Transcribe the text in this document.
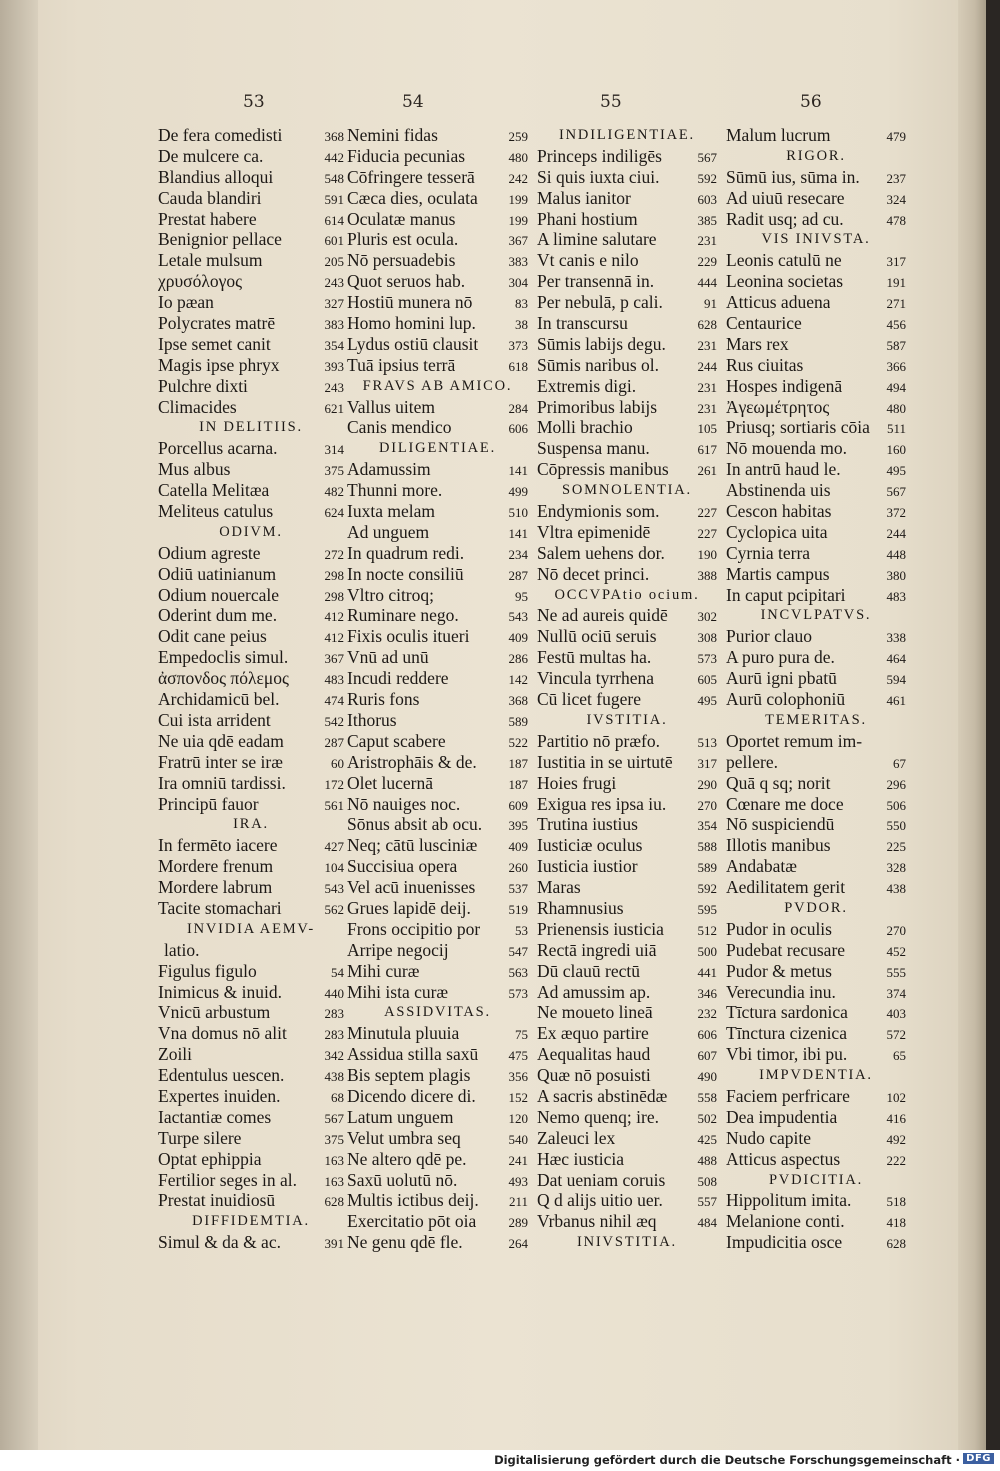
53	54	55	56
De fera comedisti	368
De mulcere ca.	442
Blandius alloqui	548
Cauda blandiri	591
Prestat habere	614
Benignior pellace	601
Letale mulsum	205
χρυσόλογος	243
Io pæan	327
Polycrates matrē	383
Ipse semet canit	354
Magis ipse phryx	393
Pulchre dixti	243
Climacides	621
IN DELITIIS.
Porcellus acarna.	314
Mus albus	375
Catella Melitæa	482
Meliteus catulus	624
ODIVM.
Odium agreste	272
Odiū uatinianum	298
Odium nouercale	298
Oderint dum me.	412
Odit cane peius	412
Empedoclis simul.	367
ἀσπονδος πόλεμος	483
Archidamicū bel.	474
Cui ista arrident	542
Ne uia qdē eadam	287
Fratrū inter se iræ	60
Ira omniū tardissi.	172
Principū fauor	561
IRA.
In fermēto iacere	427
Mordere frenum	104
Mordere labrum	543
Tacite stomachari	562
INVIDIA AEMV-
latio.
Figulus figulo	54
Inimicus & inuid.	440
Vnicū arbustum	283
Vna domus nō alit	283
Zoili	342
Edentulus uescen.	438
Expertes inuiden.	68
Iactantiæ comes	567
Turpe silere	375
Optat ephippia	163
Fertilior seges in al. 163
Prestat inuidiosū	628
DIFFIDEMTIA.
Simul & da & ac.	391
Nemini fidas	259
Fiducia pecunias	480
Cōfringere tesserā	242
Cæca dies, oculata 199
Oculatæ manus	199
Pluris est ocula.	367
Nō persuadebis	383
Quot seruos hab.	304
Hostiū munera nō	83
Homo homini lup.	38
Lydus ostiū clausit 373
Tuā ipsius terrā	618
FRAVS AB AMICO.
Vallus uitem	284
Canis mendico	606
DILIGENTIAE.
Adamussim	141
Thunni more.	499
Iuxta melam	510
Ad unguem	141
In quadrum redi.	234
In nocte consiliū	287
Vltro citroq;	95
Ruminare nego.	543
Fixis oculis itueri	409
Vnū ad unū	286
Incudi reddere	142
Ruris fons	368
Ithorus	589
Caput scabere	522
Aristrophāis & de. 187
Olet lucernā	187
Nō nauiges noc.	609
Sōnus absit ab ocu. 395
Neq; cātū lusciniæ 409
Succisiua opera	260
Vel acū inuenisses	537
Grues lapidē deij.	519
Frons occipitio por	53
Arripe negocij	547
Mihi curæ	563
Mihi ista curæ	573
ASSIDVITAS.
Minutula pluuia	75
Assidua stilla saxū 475
Bis septem plagis	356
Dicendo dicere di.	152
Latum unguem	120
Velut umbra seq	540
Ne altero qdē pe.	241
Saxū uolutū nō.	493
Multis ictibus deij. 211
Exercitatio pōt oia 289
Ne genu qdē fle.	264
INDILIGENTIAE.
Princeps indiligēs	567
Si quis iuxta ciui.	592
Malus ianitor	603
Phani hostium	385
A limine salutare	231
Vt canis e nilo	229
Per transennā in.	444
Per nebulā, p cali.	91
In transcursu	628
Sūmis labijs degu. 231
Sūmis naribus ol.	244
Extremis digi.	231
Primoribus labijs	231
Molli brachio	105
Suspensa manu.	617
Cōpressis manibus 261
SOMNOLENTIA.
Endymionis som.	227
Vltra epimenidē	227
Salem uehens dor.	190
Nō decet princi.	388
OCCVPAtio ocium.
Ne ad aureis quidē 302
Nullū ociū seruis	308
Festū multas ha.	573
Vincula tyrrhena	605
Cū licet fugere	495
IVSTITIA.
Partitio nō præfo.	513
Iustitia in se uirtutē 317
Hoies frugi	290
Exigua res ipsa iu. 270
Trutina iustius	354
Iusticiæ oculus	588
Iusticia iustior	589
Maras	592
Rhamnusius	595
Prienensis iusticia	512
Rectā ingredi uiā	500
Dū clauū rectū	441
Ad amussim ap.	346
Ne moueto lineā	232
Ex æquo partire	606
Aequalitas haud	607
Quæ nō posuisti	490
A sacris abstinēdæ 558
Nemo quenq; ire.	502
Zaleuci lex	425
Hæc iusticia	488
Dat ueniam coruis 508
Q d alijs uitio uer.	557
Vrbanus nihil æq	484
INIVSTITIA.
Malum lucrum	479
RIGOR.
Sūmū ius, sūma in. 237
Ad uiuū resecare	324
Radit usq; ad cu.	478
VIS INIVSTA.
Leonis catulū ne	317
Leonina societas	191
Atticus aduena	271
Centaurice	456
Mars rex	587
Rus ciuitas	366
Hospes indigenā	494
Ἀγεωμέτρητος	480
Priusq; sortiaris cōia 511
Nō mouenda mo.	160
In antrū haud le.	495
Abstinenda uis	567
Cescon habitas	372
Cyclopica uita	244
Cyrnia terra	448
Martis campus	380
In caput pcipitari	483
INCVLPATVS.
Purior clauo	338
A puro pura de.	464
Aurū igni pbatū	594
Aurū colophoniū	461
TEMERITAS.
Oportet remum im-
pellere.	67
Quā q sq; norit	296
Cœnare me doce	506
Nō suspiciendū	550
Illotis manibus	225
Andabatæ	328
Aedilitatem gerit	438
PVDOR.
Pudor in oculis	270
Pudebat recusare	452
Pudor & metus	555
Verecundia inu.	374
Tīctura sardonica	403
Tīnctura cizenica	572
Vbi timor, ibi pu.	65
IMPVDENTIA.
Faciem perfricare	102
Dea impudentia	416
Nudo capite	492
Atticus aspectus	222
PVDICITIA.
Hippolitum imita.	518
Melanione conti.	418
Impudicitia osce	628
Digitalisierung gefördert durch die Deutsche Forschungsgemeinschaft · DFG
